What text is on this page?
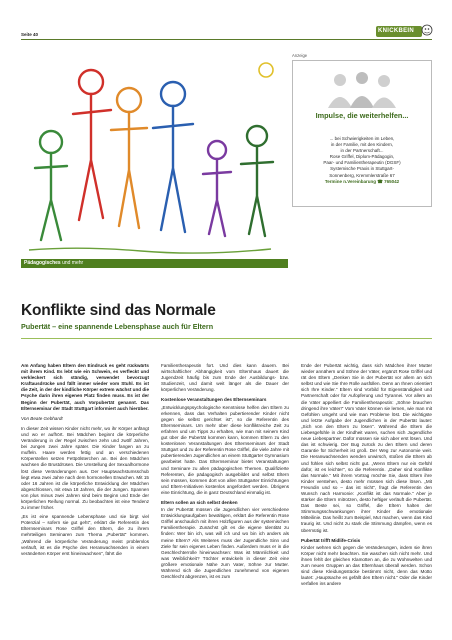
Seite 40
KNICKBEIN
Pädagogisches und mehr
Anzeige
Impulse, die weiterhelfen...
... bei Schwierigkeiten im Leben,
in der Familie, mit den Kindern,
in der Partnerschaft...
Rose Griffel, Diplom-Pädagogin,
Paar- und Familientherapeutin (DGSF)
Systemische Praxis in Stuttgart-
Sonnenberg, Kremmlerstraße 67
Termine n.Vereinbarung ☎ 765042
Konflikte sind das Normale
Pubertät – eine spannende Lebensphase auch für Eltern

Am Anfang haben Eltern den Eindruck es geht rückwärts mit ihrem Kind. Es lebt wie ein Schwein, es verfleckt und verkleckert sich ständig, verwendet bevorzugt Kraftausdrücke und fällt immer wieder vom Stuhl. Es ist die Zeit, in der der kindliche Körper extrem wächst und die Psyche darin ihren eigenen Platz finden muss. Es ist der Beginn der Pubertät, auch Vorpubertät genannt. Das Elternseminar der Stadt Stuttgart informiert auch hierüber.

Von Beate Gebhardt

In dieser Zeit wissen Kinder nicht mehr, wo ihr Körper anfängt und wo er aufhört. Bei Mädchen beginnt die körperliche Veränderung in der Regel zwischen zehn und zwölf Jahren, bei Jungen zwei Jahre später. Die Kinder fangen an zu muffeln. Haare werden fettig und an verschiedenen Körperstellen setzen Fettpölsterchen an. Bei den Mädchen wachsen die Brustdrüsen. Die Umstellung der Sexualhormone löst diese Veränderungen aus. Der Hauptwachstumsschub liegt etwa zwei Jahre nach dem hormonellen Erwachen. Mit 15 oder 16 Jahren ist die körperliche Entwicklung der Mädchen abgeschlossen, mit etwa 18 Jahren, die der Jungen. Spannen von plus minus zwei Jahren sind beim Beginn und Ende der körperlichen Reifung normal. Zu beobachten ist eine Tendenz zu immer früher.

„Es ist eine spannende Lebensphase und sie birgt viel Potenzial – sofern sie gut geht", erklärt die Referentin des Elternseminars Rose Griffel den Eltern, die zu ihrem mehrteiligen Seminaren zum Thema „Pubertät" kommen. „Während die körperliche Veränderung meist problemlos verläuft, ist es die Psyche des Heranwachsenden in einem veränderten Körper erst hineinwachsen", fährt die

Familientherapeutin fort. Und dies kann dauern. Bei wirtschaftlicher Abhängigkeit vom Elternhaus dauert die Jugendzeit häufig bis zum Ende der Ausbildungs- bzw. Studienzeit, und damit weit länger als die Dauer der körperlichen Veränderung.

Kostenlose Veranstaltungen des Elternseminars

„Entwicklungspsychologische Kenntnisse helfen den Eltern zu erkennen, dass das Verhalten pubertierender Kinder nicht gegen sie selbst gerichtet ist", so die Referentin des Elternseminars. Um mehr über diese konfliktreiche Zeit zu erfahren und um Tipps zu erhalten, wie man mit seinem Kind gut über die Pubertät kommen kann, kommen Eltern zu den kostenlosen Veranstaltungen des Elternseminars der Stadt Stuttgart und zu der Referentin Rose Griffel, die viele Jahre mit pubertierenden Jugendlichen an einem Stuttgarter Gymnasium gearbeitet hatte. Das Elternseminar bietet Veranstaltungen und Seminare zu allen pädagogischen Themen. Qualifizierte Referenten, die pädagogisch ausgebildet und selbst Eltern sein müssen, kommen dort von allen Stuttgarter Einrichtungen und Eltern-Initiativen kostenlos angefordert werden. Übrigens eine Einrichtung, die in ganz Deutschland einmalig ist.

Eltern sollen an sich selbst denken

In der Pubertät müssen die Jugendlichen vier verschiedene Entwicklungsaufgaben bewältigen, erklärt die Referentin Rose Griffel anschaulich mit ihren Holzfiguren aus der systemischen Familientherapie. Zunächst gilt es die eigene Identität zu finden: Wer bin ich, was will ich und wo bin ich anders als meine Eltern? Als Weiteres muss der Jugendliche Sinn und Ziele für sein eigenes Leben finden. Außerdem muss er in die Geschlechterrolle hineinwachsen: Was ist Männlichkeit und was Weiblichkeit? Töchter entwickeln in dieser Zeit eine größere emotionale Nähe zum Vater, Söhne zur Mutter. Während sich die Jugendlichen zunehmend von eigenen Geschlecht abgrenzen, ist es zum

Ende der Pubertät wichtig, dass sich Mädchen ihrer Mutter wieder annähern und Söhne der Väter, ergänzt Rose Griffel und rät den Eltern „Denken Sie in der Pubertät vor allem an sich selbst und wie Sie Ihre Rolle ausfüllen. Denn an Ihnen orientiert sich Ihre Kinder." Eltern sind Vorbild für Eigenständigkeit und Partnerschaft oder für Aufopferung und Tyrannei. Vor allem an die Väter appelliert die Familientherapeutin: „Söhne brauchen dringend ihre Väter!" Vom Vater können sie lernen, wie man mit Gefühlen umgeht und wie man Probleme löst. Die wichtigste und letzte Aufgabe der Jugendlichen in der Pubertät lautet: „Sich von den Eltern zu lösen". Während die Eltern die Liebesgefühle in der Kindheit waren, suchen sich Jugendliche neue Liebespartner. Dafür müssen sie sich aber erst lösen. Und das ist schwierig. Der Bug zurück zu den Eltern und deren Garantie für Sicherheit ist groß. Der Weg zur Autonomie weit. Die Heranwachsenden wenden unwirsch, stoßen die Eltern ab und fühlen sich selbst nicht gut. „Wenn Eltern nur ein Gefühl dafür, ist es leichter", so die Referentin. „Daher sind Konflikte das Normale." Mit ihrem Vortrag möchte Sie, dass Eltern ihre Kinder verstehen, desto mehr müssen sich diese lösen. „Mit Freundin und so – das ist nicht", fragt die Referentin den Wunsch nach Harmonie: „Konflikt ist das Normale." Aber je stärker die Eltern mitrotzen, desto heftiger verläuft die Pubertät. Das Beste sei, so Griffel, die Eltern halten der Stimmungsschwankungen ihrer Kinder die emotionale Mitteilinie. Das heißt zum Beispiel, Mut machen, wenn das Kind traurig ist. Und nicht zu stark die Stimmung dämpfen, wenn es übermütig ist.

Pubertät trifft Midlife-Crisis

Kinder wehren sich gegen die Veränderungen, indem sie ihren Körper nicht mehr beachten. Sie waschen sich nicht mehr. Und ihnen fehlt der gleichen Klamotten an, die zu Wohnwelten und zum neuen Gruppen an das Elternhaus überall werden. Schon sind diese Kleidungsstücke bestimmt nicht, denn das Motto lautet: „Hauptsache es gefällt den Eltern nicht." Oder die Kinder verfallen ins andere
